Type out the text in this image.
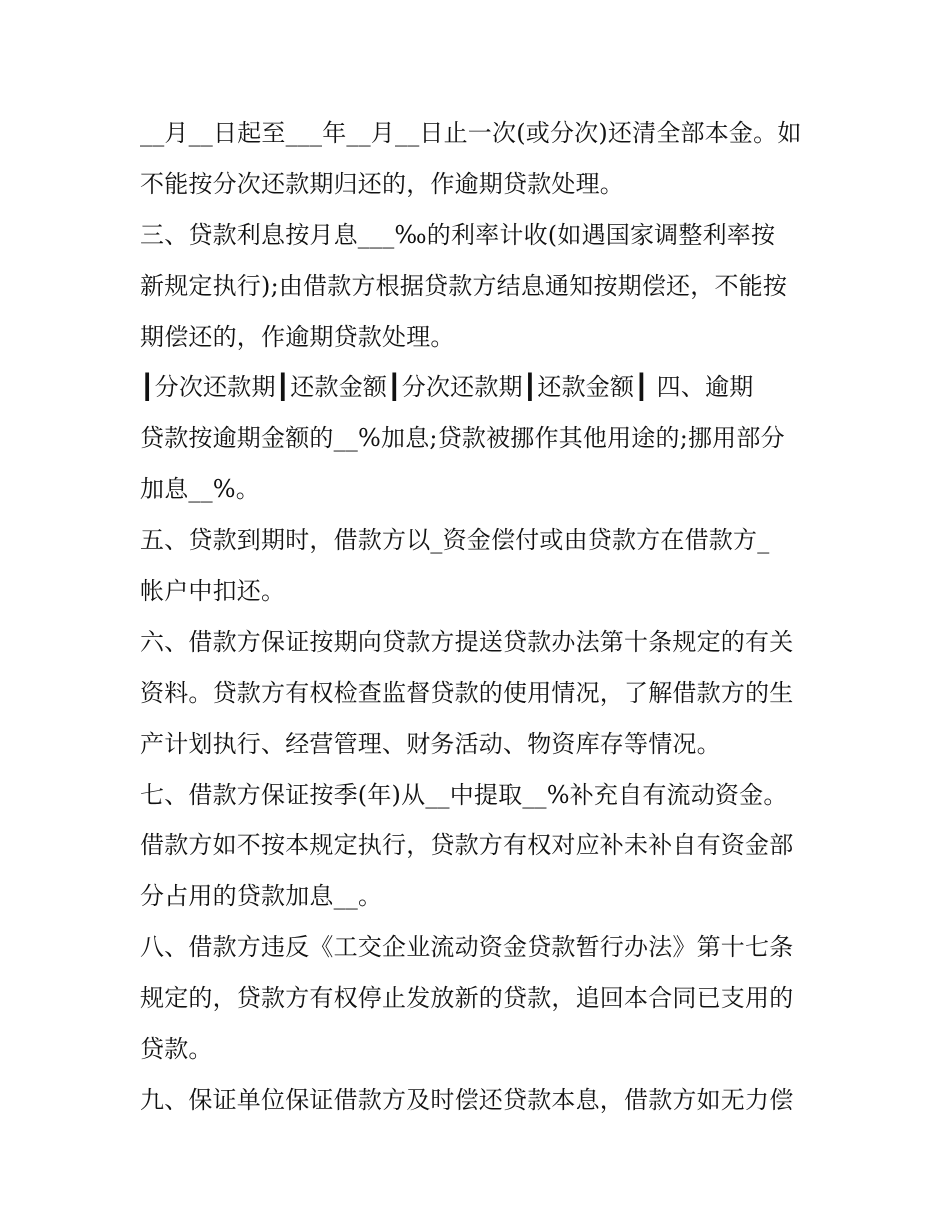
__月__日起至___年__月__日止一次(或分次)还清全部本金。如
不能按分次还款期归还的，作逾期贷款处理。
三、贷款利息按月息___‰的利率计收(如遇国家调整利率按
新规定执行);由借款方根据贷款方结息通知按期偿还，不能按
期偿还的，作逾期贷款处理。
┃分次还款期┃还款金额┃分次还款期┃还款金额┃ 四、逾期
贷款按逾期金额的__%加息;贷款被挪作其他用途的;挪用部分
加息__%。
五、贷款到期时，借款方以_资金偿付或由贷款方在借款方_
帐户中扣还。
六、借款方保证按期向贷款方提送贷款办法第十条规定的有关
资料。贷款方有权检查监督贷款的使用情况，了解借款方的生
产计划执行、经营管理、财务活动、物资库存等情况。
七、借款方保证按季(年)从__中提取__%补充自有流动资金。
借款方如不按本规定执行，贷款方有权对应补未补自有资金部
分占用的贷款加息__。
八、借款方违反《工交企业流动资金贷款暂行办法》第十七条
规定的，贷款方有权停止发放新的贷款，追回本合同已支用的
贷款。
九、保证单位保证借款方及时偿还贷款本息，借款方如无力偿
